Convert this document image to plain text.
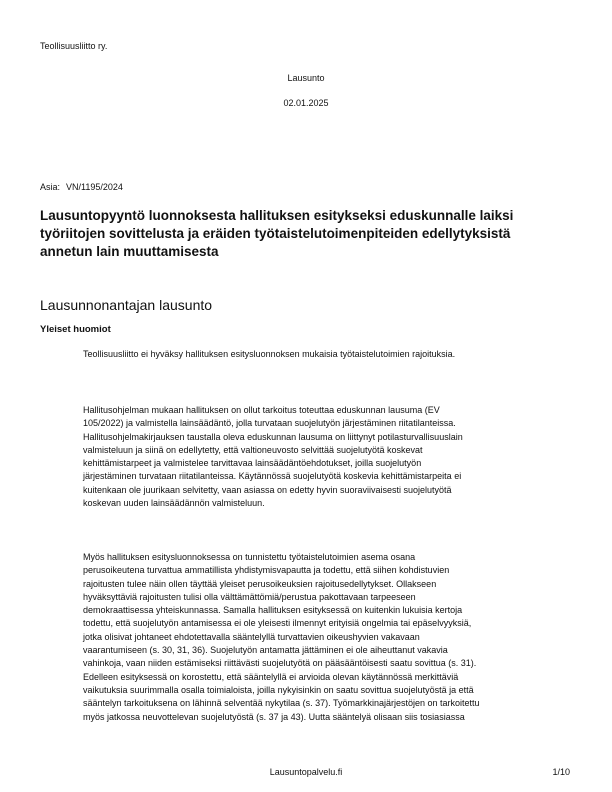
Teollisuusliitto ry.
Lausunto
02.01.2025
Asia: VN/1195/2024
Lausuntopyyntö luonnoksesta hallituksen esitykseksi eduskunnalle laiksi työriitojen sovittelusta ja eräiden työtaistelutoimenpiteiden edellytyksistä annetun lain muuttamisesta
Lausunnonantajan lausunto
Yleiset huomiot

Teollisuusliitto ei hyväksy hallituksen esitysluonnoksen mukaisia työtaistelutoimien rajoituksia.

Hallitusohjelman mukaan hallituksen on ollut tarkoitus toteuttaa eduskunnan lausuma (EV
105/2022) ja valmistella lainsäädäntö, jolla turvataan suojelutyön järjestäminen riitatilanteissa.
Hallitusohjelmakirjauksen taustalla oleva eduskunnan lausuma on liittynyt potilasturvallisuuslain
valmisteluun ja siinä on edellytetty, että valtioneuvosto selvittää suojelutyötä koskevat
kehittämistarpeet ja valmistelee tarvittavaa lainsäädäntöehdotukset, joilla suojelutyön
järjestäminen turvataan riitatilanteissa. Käytännössä suojelutyötä koskevia kehittämistarpeita ei
kuitenkaan ole juurikaan selvitetty, vaan asiassa on edetty hyvin suoraviivaisesti suojelutyötä
koskevan uuden lainsäädännön valmisteluun.

Myös hallituksen esitysluonnoksessa on tunnistettu työtaistelutoimien asema osana
perusoikeutena turvattua ammatillista yhdistymisvapautta ja todettu, että siihen kohdistuvien
rajoitusten tulee näin ollen täyttää yleiset perusoikeuksien rajoitusedellytykset. Ollakseen
hyväksyttäviä rajoitusten tulisi olla välttämättömiä/perustua pakottavaan tarpeeseen
demokraattisessa yhteiskunnassa. Samalla hallituksen esityksessä on kuitenkin lukuisia kertoja
todettu, että suojelutyön antamisessa ei ole yleisesti ilmennyt erityisiä ongelmia tai epäselvyyksiä,
jotka olisivat johtaneet ehdotettavalla sääntelyllä turvattavien oikeushyvien vakavaan
vaarantumiseen (s. 30, 31, 36). Suojelutyön antamatta jättäminen ei ole aiheuttanut vakavia
vahinkoja, vaan niiden estämiseksi riittävästi suojelutyötä on pääsääntöisesti saatu sovittua (s. 31).
Edelleen esityksessä on korostettu, että sääntelyllä ei arvioida olevan käytännössä merkittäviä
vaikutuksia suurimmalla osalla toimialoista, joilla nykyisinkin on saatu sovittua suojelutyöstä ja että
sääntelyn tarkoituksena on lähinnä selventää nykytilaa (s. 37). Työmarkkinajärjestöjen on tarkoitettu
myös jatkossa neuvottelevan suojelutyöstä (s. 37 ja 43). Uutta sääntelyä olisaan siis tosiasiassa

Lausuntopalvelu.fi	1/10
